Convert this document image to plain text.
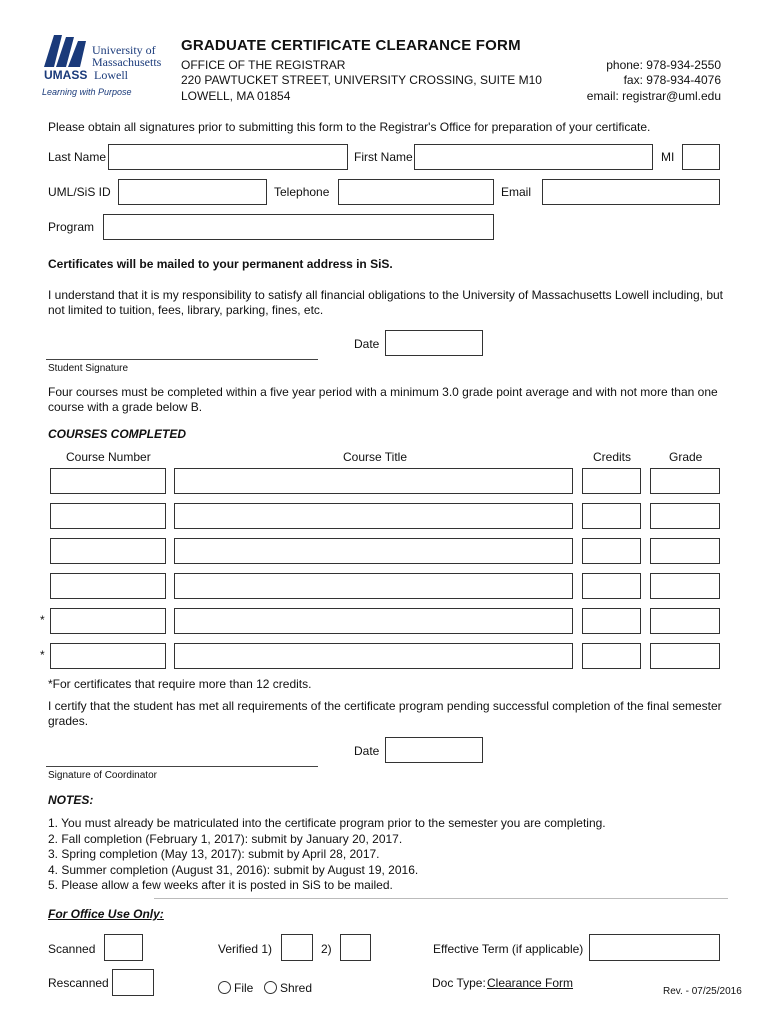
University of
Massachusetts
UMASS Lowell
Learning with Purpose
GRADUATE CERTIFICATE CLEARANCE FORM
OFFICE OF THE REGISTRAR
220 PAWTUCKET STREET, UNIVERSITY CROSSING, SUITE M10
LOWELL, MA 01854
phone: 978-934-2550
fax: 978-934-4076
email: registrar@uml.edu
Please obtain all signatures prior to submitting this form to the Registrar's Office for preparation of your certificate.
Last Name	First Name	MI
UML/SiS ID	Telephone	Email
Program
Certificates will be mailed to your permanent address in SiS.
I understand that it is my responsibility to satisfy all financial obligations to the University of Massachusetts Lowell including, but not limited to tuition, fees, library, parking, fines, etc.
Date
Student Signature
Four courses must be completed within a five year period with a minimum 3.0 grade point average and with not more than one course with a grade below B.
COURSES COMPLETED
Course Number	Course Title	Credits	Grade
*
*
*For certificates that require more than 12 credits.
I certify that the student has met all requirements of the certificate program pending successful completion of the final semester grades.
Date
Signature of Coordinator
NOTES:
1. You must already be matriculated into the certificate program prior to the semester you are completing.
2. Fall completion (February 1, 2017): submit by January 20, 2017.
3. Spring completion (May 13, 2017): submit by April 28, 2017.
4. Summer completion (August 31, 2016): submit by August 19, 2016.
5. Please allow a few weeks after it is posted in SiS to be mailed.
For Office Use Only:
Scanned	Verified 1)	2)	Effective Term (if applicable)
Rescanned	File	Shred	Doc Type: Clearance Form
Rev. - 07/25/2016
